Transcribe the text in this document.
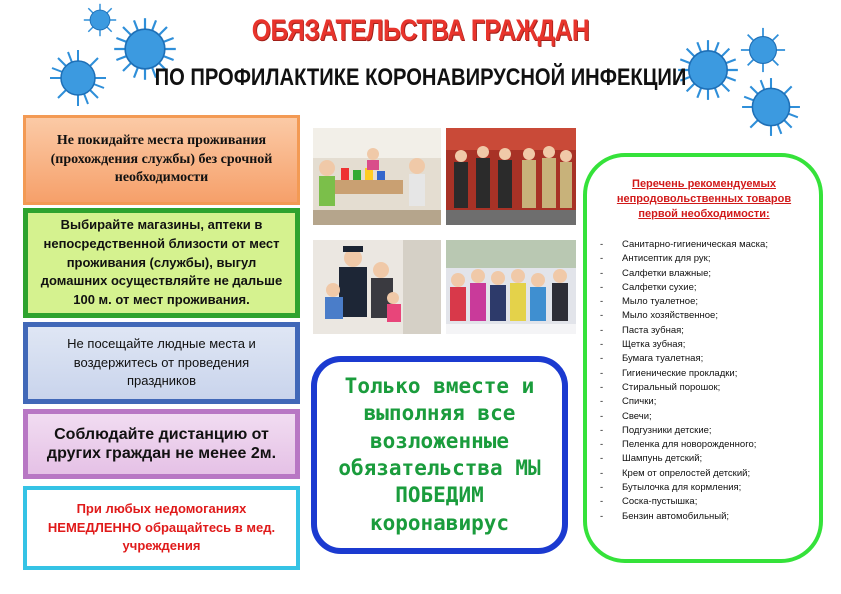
ОБЯЗАТЕЛЬСТВА ГРАЖДАН
ПО ПРОФИЛАКТИКЕ КОРОНАВИРУСНОЙ ИНФЕКЦИИ
Не покидайте места проживания (прохождения службы) без срочной необходимости
Выбирайте магазины, аптеки в непосредственной близости от мест проживания (службы), выгул домашних осуществляйте не дальше 100 м. от мест проживания.
Не посещайте людные места и воздержитесь от проведения праздников
Соблюдайте дистанцию от других граждан не менее 2м.
При любых недомоганиях НЕМЕДЛЕННО обращайтесь в мед. учреждения
Только вместе и выполняя все возложенные обязательства МЫ ПОБЕДИМ коронавирус
Перечень рекомендуемых непродовольственных товаров первой необходимости:
- Санитарно-гигиеническая маска;
- Антисептик для рук;
- Салфетки влажные;
- Салфетки сухие;
- Мыло туалетное;
- Мыло хозяйственное;
- Паста зубная;
- Щетка зубная;
- Бумага туалетная;
- Гигиенические прокладки;
- Стиральный порошок;
- Спички;
- Свечи;
- Подгузники детские;
- Пеленка для новорожденного;
- Шампунь детский;
- Крем от опрелостей детский;
- Бутылочка для кормления;
- Соска-пустышка;
- Бензин автомобильный;
